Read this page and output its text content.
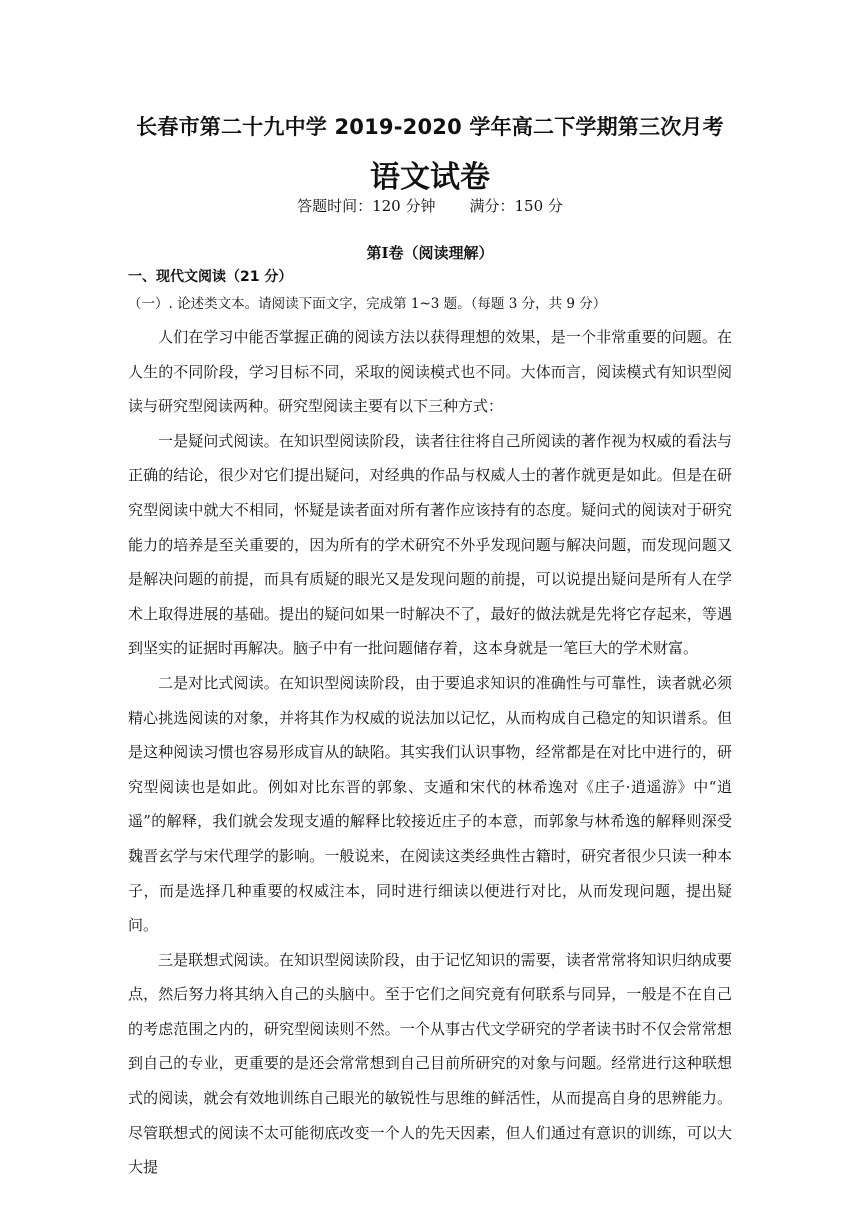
长春市第二十九中学 2019-2020 学年高二下学期第三次月考
语文试卷
答题时间：120 分钟 满分：150 分
第Ⅰ卷（阅读理解）
一、现代文阅读（21 分）
（一）. 论述类文本。请阅读下面文字，完成第 1~3 题。（每题 3 分，共 9 分）

人们在学习中能否掌握正确的阅读方法以获得理想的效果，是一个非常重要的问题。在人生的不同阶段，学习目标不同，采取的阅读模式也不同。大体而言，阅读模式有知识型阅读与研究型阅读两种。研究型阅读主要有以下三种方式：

一是疑问式阅读。在知识型阅读阶段，读者往往将自己所阅读的著作视为权威的看法与正确的结论，很少对它们提出疑问，对经典的作品与权威人士的著作就更是如此。但是在研究型阅读中就大不相同，怀疑是读者面对所有著作应该持有的态度。疑问式的阅读对于研究能力的培养是至关重要的，因为所有的学术研究不外乎发现问题与解决问题，而发现问题又是解决问题的前提，而具有质疑的眼光又是发现问题的前提，可以说提出疑问是所有人在学术上取得进展的基础。提出的疑问如果一时解决不了，最好的做法就是先将它存起来，等遇到坚实的证据时再解决。脑子中有一批问题储存着，这本身就是一笔巨大的学术财富。

二是对比式阅读。在知识型阅读阶段，由于要追求知识的准确性与可靠性，读者就必须精心挑选阅读的对象，并将其作为权威的说法加以记忆，从而构成自己稳定的知识谱系。但是这种阅读习惯也容易形成盲从的缺陷。其实我们认识事物，经常都是在对比中进行的，研究型阅读也是如此。例如对比东晋的郭象、支遁和宋代的林希逸对《庄子·逍遥游》中“逍遥”的解释，我们就会发现支遁的解释比较接近庄子的本意，而郭象与林希逸的解释则深受魏晋玄学与宋代理学的影响。一般说来，在阅读这类经典性古籍时，研究者很少只读一种本子，而是选择几种重要的权威注本，同时进行细读以便进行对比，从而发现问题，提出疑问。

三是联想式阅读。在知识型阅读阶段，由于记忆知识的需要，读者常常将知识归纳成要点，然后努力将其纳入自己的头脑中。至于它们之间究竟有何联系与同异，一般是不在自己的考虑范围之内的，研究型阅读则不然。一个从事古代文学研究的学者读书时不仅会常常想到自己的专业，更重要的是还会常常想到自己目前所研究的对象与问题。经常进行这种联想式的阅读，就会有效地训练自己眼光的敏锐性与思维的鲜活性，从而提高自身的思辨能力。尽管联想式的阅读不太可能彻底改变一个人的先天因素，但人们通过有意识的训练，可以大大提
